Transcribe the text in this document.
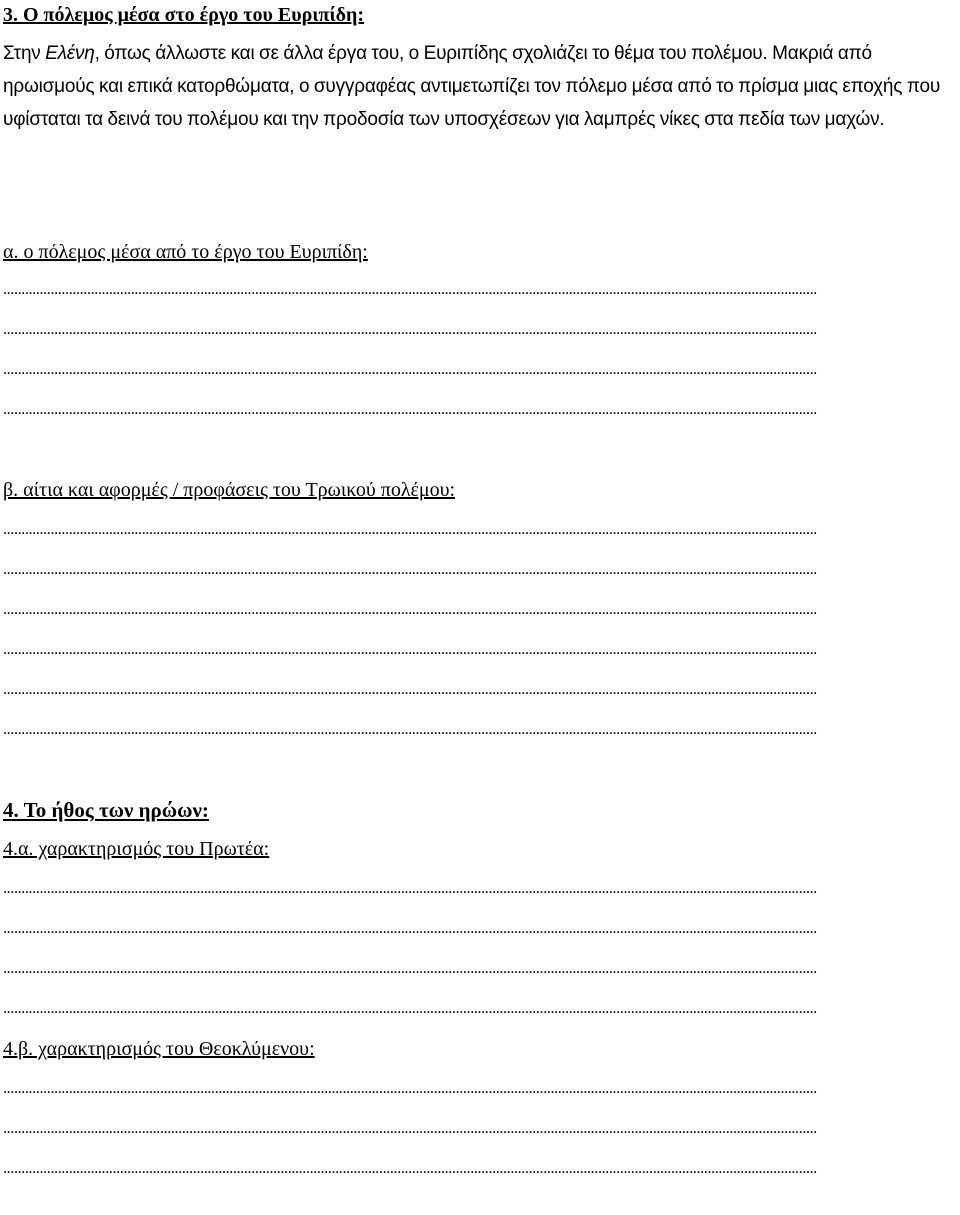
3. Ο πόλεμος μέσα στο έργο του Ευριπίδη:

Στην Ελένη, όπως άλλωστε και σε άλλα έργα του, ο Ευριπίδης σχολιάζει το θέμα του πολέμου. Μακριά από ηρωισμούς και επικά κατορθώματα, ο συγγραφέας αντιμετωπίζει τον πόλεμο μέσα από το πρίσμα μιας εποχής που υφίσταται τα δεινά του πολέμου και την προδοσία των υποσχέσεων για λαμπρές νίκες στα πεδία των μαχών.

α. ο πόλεμος μέσα από το έργο του Ευριπίδη:
...............................................................................................................................................................................................................................
...............................................................................................................................................................................................................................
...............................................................................................................................................................................................................................
...............................................................................................................................................................................................................................
β. αίτια και αφορμές / προφάσεις του Τρωικού πολέμου:
...............................................................................................................................................................................................................................
...............................................................................................................................................................................................................................
...............................................................................................................................................................................................................................
...............................................................................................................................................................................................................................
...............................................................................................................................................................................................................................
...............................................................................................................................................................................................................................
4. Το ήθος των ηρώων:
4.α. χαρακτηρισμός του Πρωτέα:
...............................................................................................................................................................................................................................
...............................................................................................................................................................................................................................
...............................................................................................................................................................................................................................
...............................................................................................................................................................................................................................
4.β. χαρακτηρισμός του Θεοκλύμενου:
...............................................................................................................................................................................................................................
...............................................................................................................................................................................................................................
...............................................................................................................................................................................................................................
